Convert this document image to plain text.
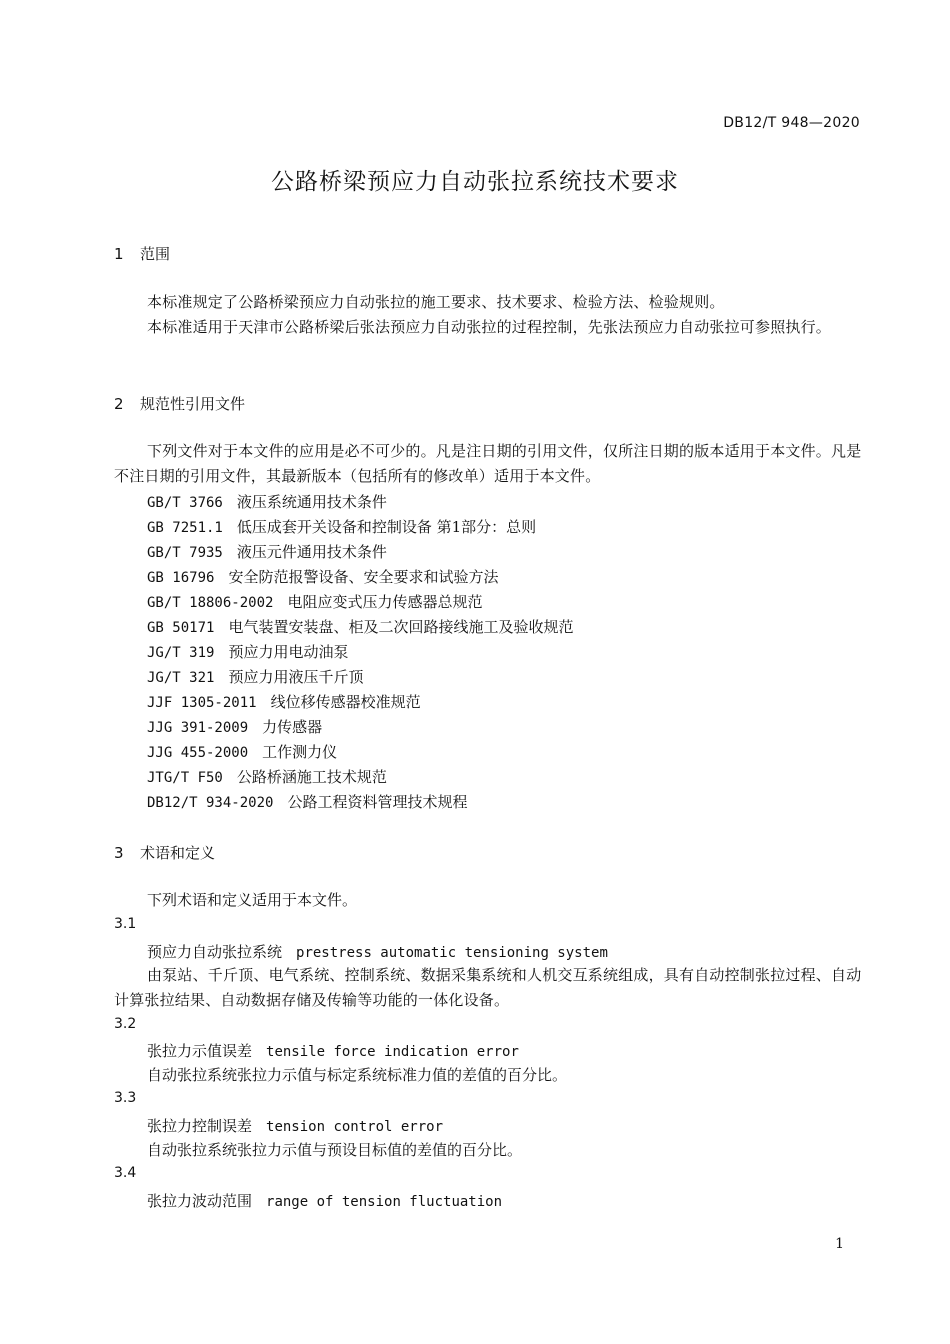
DB12/T 948—2020
公路桥梁预应力自动张拉系统技术要求
1 范围
本标准规定了公路桥梁预应力自动张拉的施工要求、技术要求、检验方法、检验规则。
本标准适用于天津市公路桥梁后张法预应力自动张拉的过程控制，先张法预应力自动张拉可参照执行。
2 规范性引用文件
下列文件对于本文件的应用是必不可少的。凡是注日期的引用文件，仅所注日期的版本适用于本文件。凡是不注日期的引用文件，其最新版本（包括所有的修改单）适用于本文件。
GB/T 3766 液压系统通用技术条件
GB 7251.1 低压成套开关设备和控制设备 第1部分：总则
GB/T 7935 液压元件通用技术条件
GB 16796 安全防范报警设备、安全要求和试验方法
GB/T 18806-2002 电阻应变式压力传感器总规范
GB 50171 电气装置安装盘、柜及二次回路接线施工及验收规范
JG/T 319 预应力用电动油泵
JG/T 321 预应力用液压千斤顶
JJF 1305-2011 线位移传感器校准规范
JJG 391-2009 力传感器
JJG 455-2000 工作测力仪
JTG/T F50 公路桥涵施工技术规范
DB12/T 934-2020 公路工程资料管理技术规程
3 术语和定义
下列术语和定义适用于本文件。
3.1
预应力自动张拉系统 prestress automatic tensioning system
由泵站、千斤顶、电气系统、控制系统、数据采集系统和人机交互系统组成，具有自动控制张拉过程、自动计算张拉结果、自动数据存储及传输等功能的一体化设备。
3.2
张拉力示值误差 tensile force indication error
自动张拉系统张拉力示值与标定系统标准力值的差值的百分比。
3.3
张拉力控制误差 tension control error
自动张拉系统张拉力示值与预设目标值的差值的百分比。
3.4
张拉力波动范围 range of tension fluctuation
1
